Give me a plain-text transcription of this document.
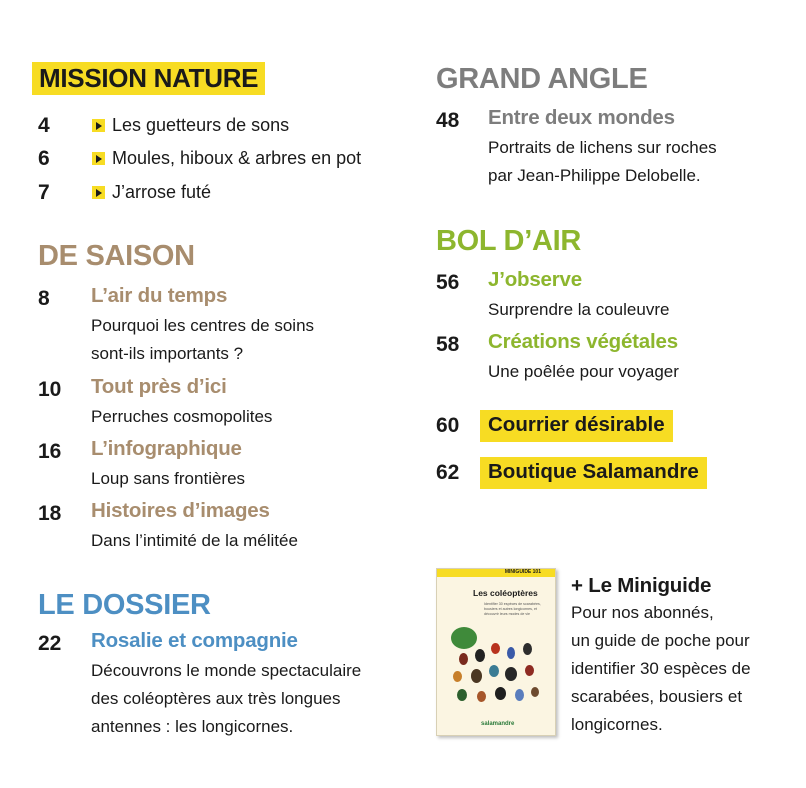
MISSION NATURE
4	Les guetteurs de sons
6	Moules, hiboux & arbres en pot
7	J’arrose futé
DE SAISON
8 L’air du temps
Pourquoi les centres de soins
sont-ils importants ?
10 Tout près d’ici
Perruches cosmopolites
16 L’infographique
Loup sans frontières
18 Histoires d’images
Dans l’intimité de la mélitée
LE DOSSIER
22 Rosalie et compagnie
Découvrons le monde spectaculaire
des coléoptères aux très longues
antennes : les longicornes.
GRAND ANGLE
48 Entre deux mondes
Portraits de lichens sur roches
par Jean-Philippe Delobelle.
BOL D’AIR
56 J’observe
Surprendre la couleuvre
58 Créations végétales
Une poêlée pour voyager
60	Courrier désirable
62	Boutique Salamandre
MINIGUIDE 101
Les coléoptères
Identifier 30 espèces de scarabées, bousiers et autres longicornes, et découvrir leurs modes de vie
salamandre
+ Le Miniguide
Pour nos abonnés,
un guide de poche pour
identifier 30 espèces de
scarabées, bousiers et
longicornes.
